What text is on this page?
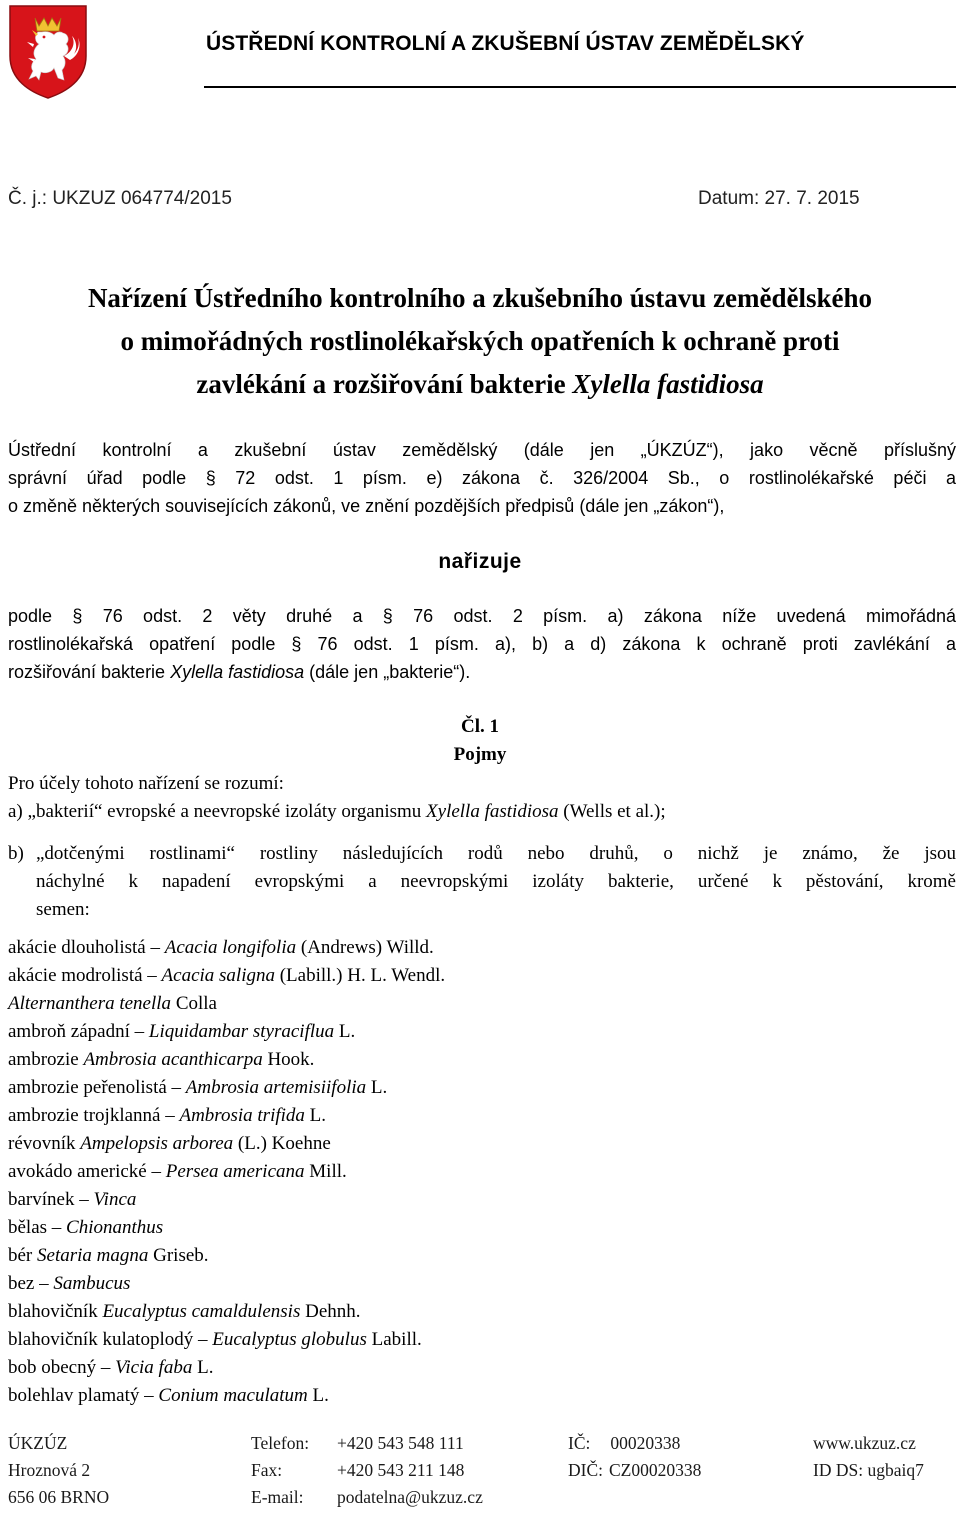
ÚSTŘEDNÍ KONTROLNÍ A ZKUŠEBNÍ ÚSTAV ZEMĚDĚLSKÝ
Č. j.: UKZUZ 064774/2015	Datum: 27. 7. 2015
Nařízení Ústředního kontrolního a zkušebního ústavu zemědělského
o mimořádných rostlinolékařských opatřeních k ochraně proti
zavlékání a rozšiřování bakterie Xylella fastidiosa
Ústřední kontrolní a zkušební ústav zemědělský (dále jen „ÚKZÚZ“), jako věcně příslušný
správní úřad podle § 72 odst. 1 písm. e) zákona č. 326/2004 Sb., o rostlinolékařské péči a
o změně některých souvisejících zákonů, ve znění pozdějších předpisů (dále jen „zákon“),
nařizuje
podle § 76 odst. 2 věty druhé a § 76 odst. 2 písm. a) zákona níže uvedená mimořádná
rostlinolékařská opatření podle § 76 odst. 1 písm. a), b) a d) zákona k ochraně proti zavlékání a
rozšiřování bakterie Xylella fastidiosa (dále jen „bakterie“).
Čl. 1
Pojmy
Pro účely tohoto nařízení se rozumí:
a) „bakterií“ evropské a neevropské izoláty organismu Xylella fastidiosa (Wells et al.);
b) „dotčenými rostlinami“ rostliny následujících rodů nebo druhů, o nichž je známo, že jsou
náchylné k napadení evropskými a neevropskými izoláty bakterie, určené k pěstování, kromě
semen:
akácie dlouholistá – Acacia longifolia (Andrews) Willd.
akácie modrolistá – Acacia saligna (Labill.) H. L. Wendl.
Alternanthera tenella Colla
ambroň západní – Liquidambar styraciflua L.
ambrozie Ambrosia acanthicarpa Hook.
ambrozie peřenolistá – Ambrosia artemisiifolia L.
ambrozie trojklanná – Ambrosia trifida L.
révovník Ampelopsis arborea (L.) Koehne
avokádo americké – Persea americana Mill.
barvínek – Vinca
bělas – Chionanthus
bér Setaria magna Griseb.
bez – Sambucus
blahovičník Eucalyptus camaldulensis Dehnh.
blahovičník kulatoplodý – Eucalyptus globulus Labill.
bob obecný – Vicia faba L.
bolehlav plamatý – Conium maculatum L.
ÚKZÚZ
Hroznová 2
656 06 BRNO
Telefon:
Fax:
E-mail:
+420 543 548 111
+420 543 211 148
podatelna@ukzuz.cz
IČ: 00020338
DIČ: CZ00020338
www.ukzuz.cz
ID DS: ugbaiq7
